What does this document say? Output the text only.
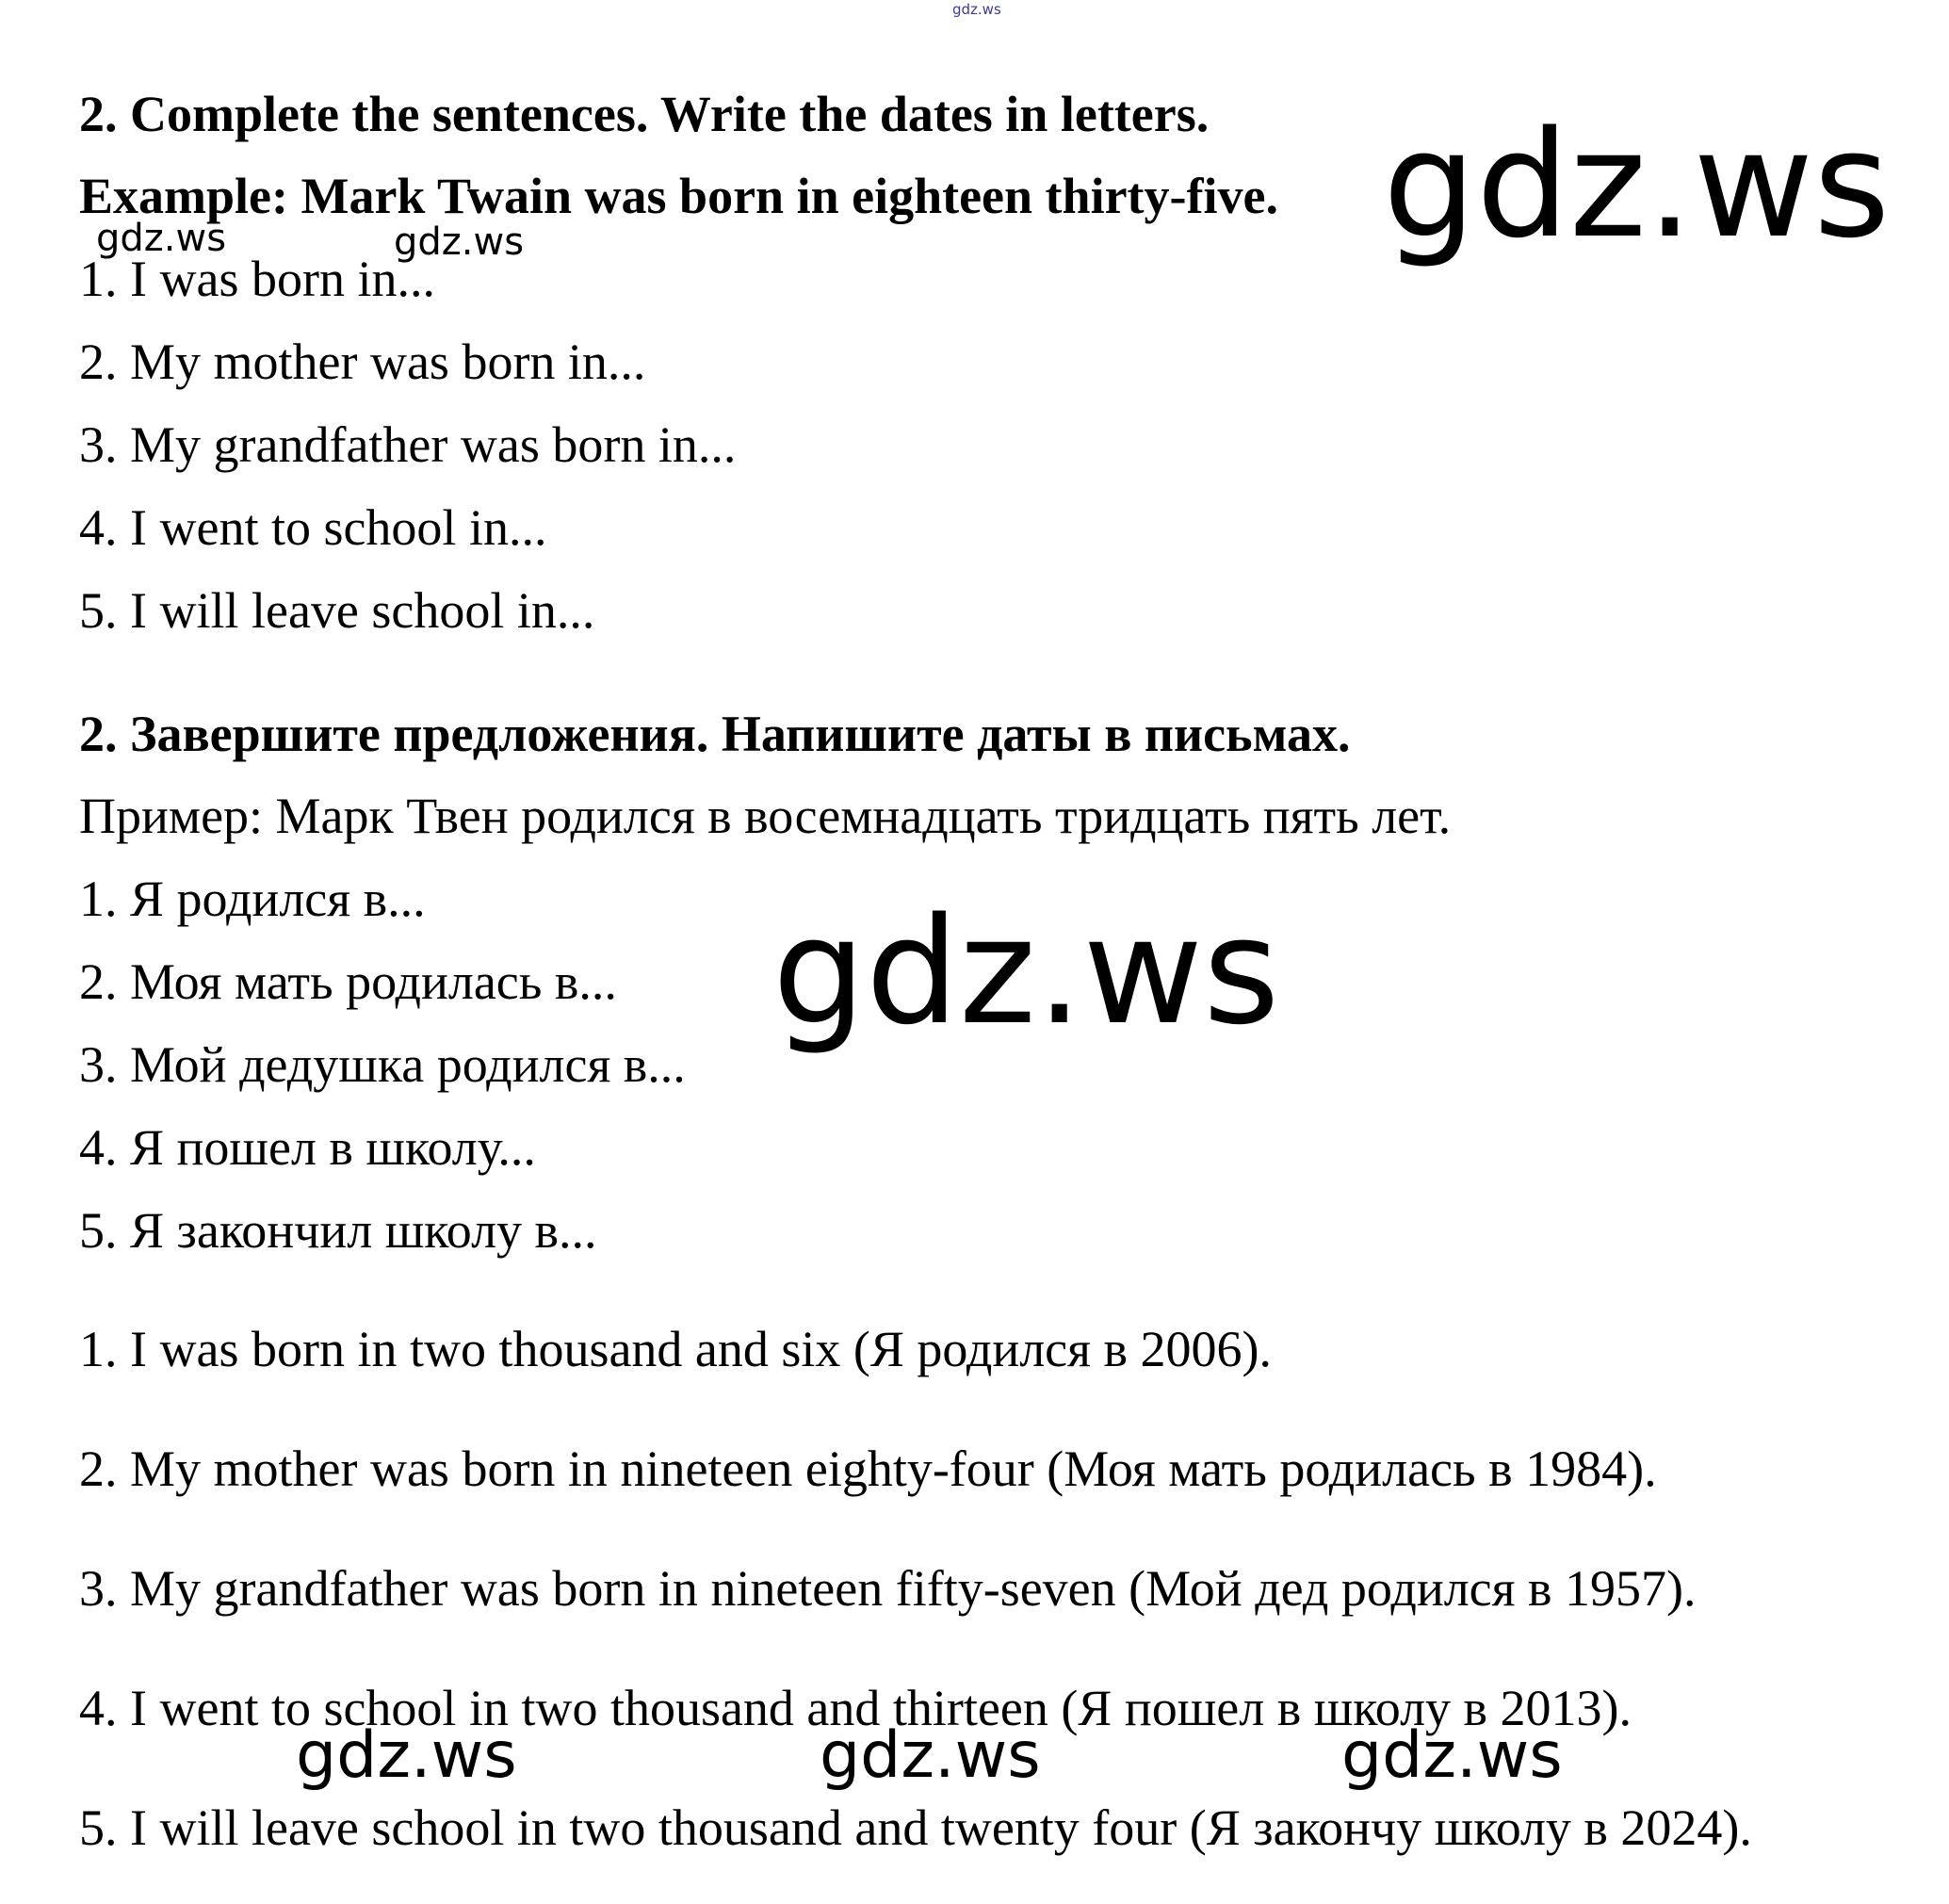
gdz.ws
2. Complete the sentences. Write the dates in letters.
Example: Mark Twain was born in eighteen thirty-five.
1. I was born in...
2. My mother was born in...
3. My grandfather was born in...
4. I went to school in...
5. I will leave school in...
2. Завершите предложения. Напишите даты в письмах.
Пример: Марк Твен родился в восемнадцать тридцать пять лет.
1. Я родился в...
2. Моя мать родилась в...
3. Мой дедушка родился в...
4. Я пошел в школу...
5. Я закончил школу в...
1. I was born in two thousand and six (Я родился в 2006).
2. My mother was born in nineteen eighty-four (Моя мать родилась в 1984).
3. My grandfather was born in nineteen fifty-seven (Мой дед родился в 1957).
4. I went to school in two thousand and thirteen (Я пошел в школу в 2013).
5. I will leave school in two thousand and twenty four (Я закончу школу в 2024).
gdz.ws
gdz.ws	gdz.ws
gdz.ws
gdz.ws	gdz.ws	gdz.ws
